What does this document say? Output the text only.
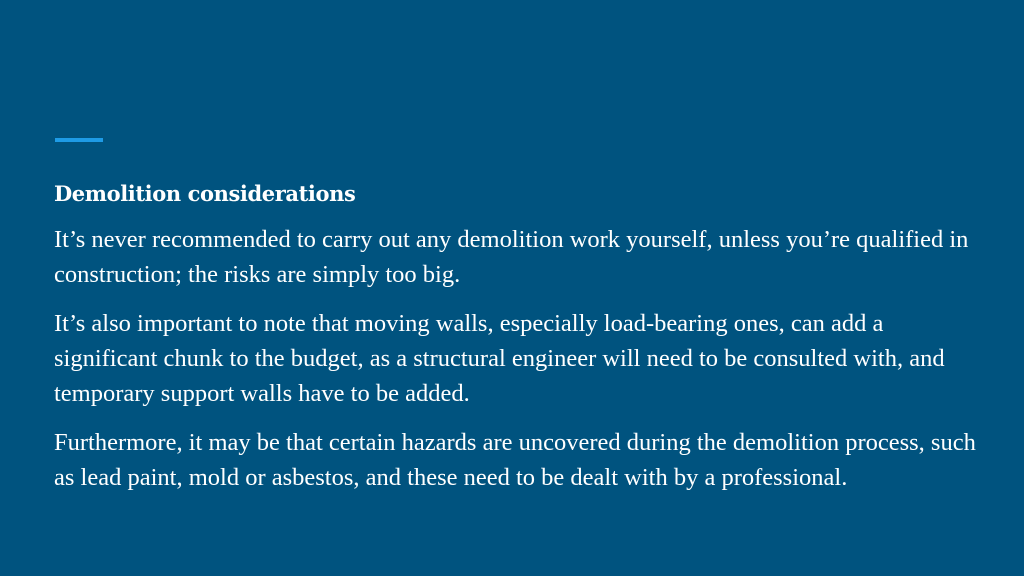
Demolition considerations

It’s never recommended to carry out any demolition work yourself, unless you’re qualified in construction; the risks are simply too big.

It’s also important to note that moving walls, especially load-bearing ones, can add a significant chunk to the budget, as a structural engineer will need to be consulted with, and temporary support walls have to be added.

Furthermore, it may be that certain hazards are uncovered during the demolition process, such as lead paint, mold or asbestos, and these need to be dealt with by a professional.
